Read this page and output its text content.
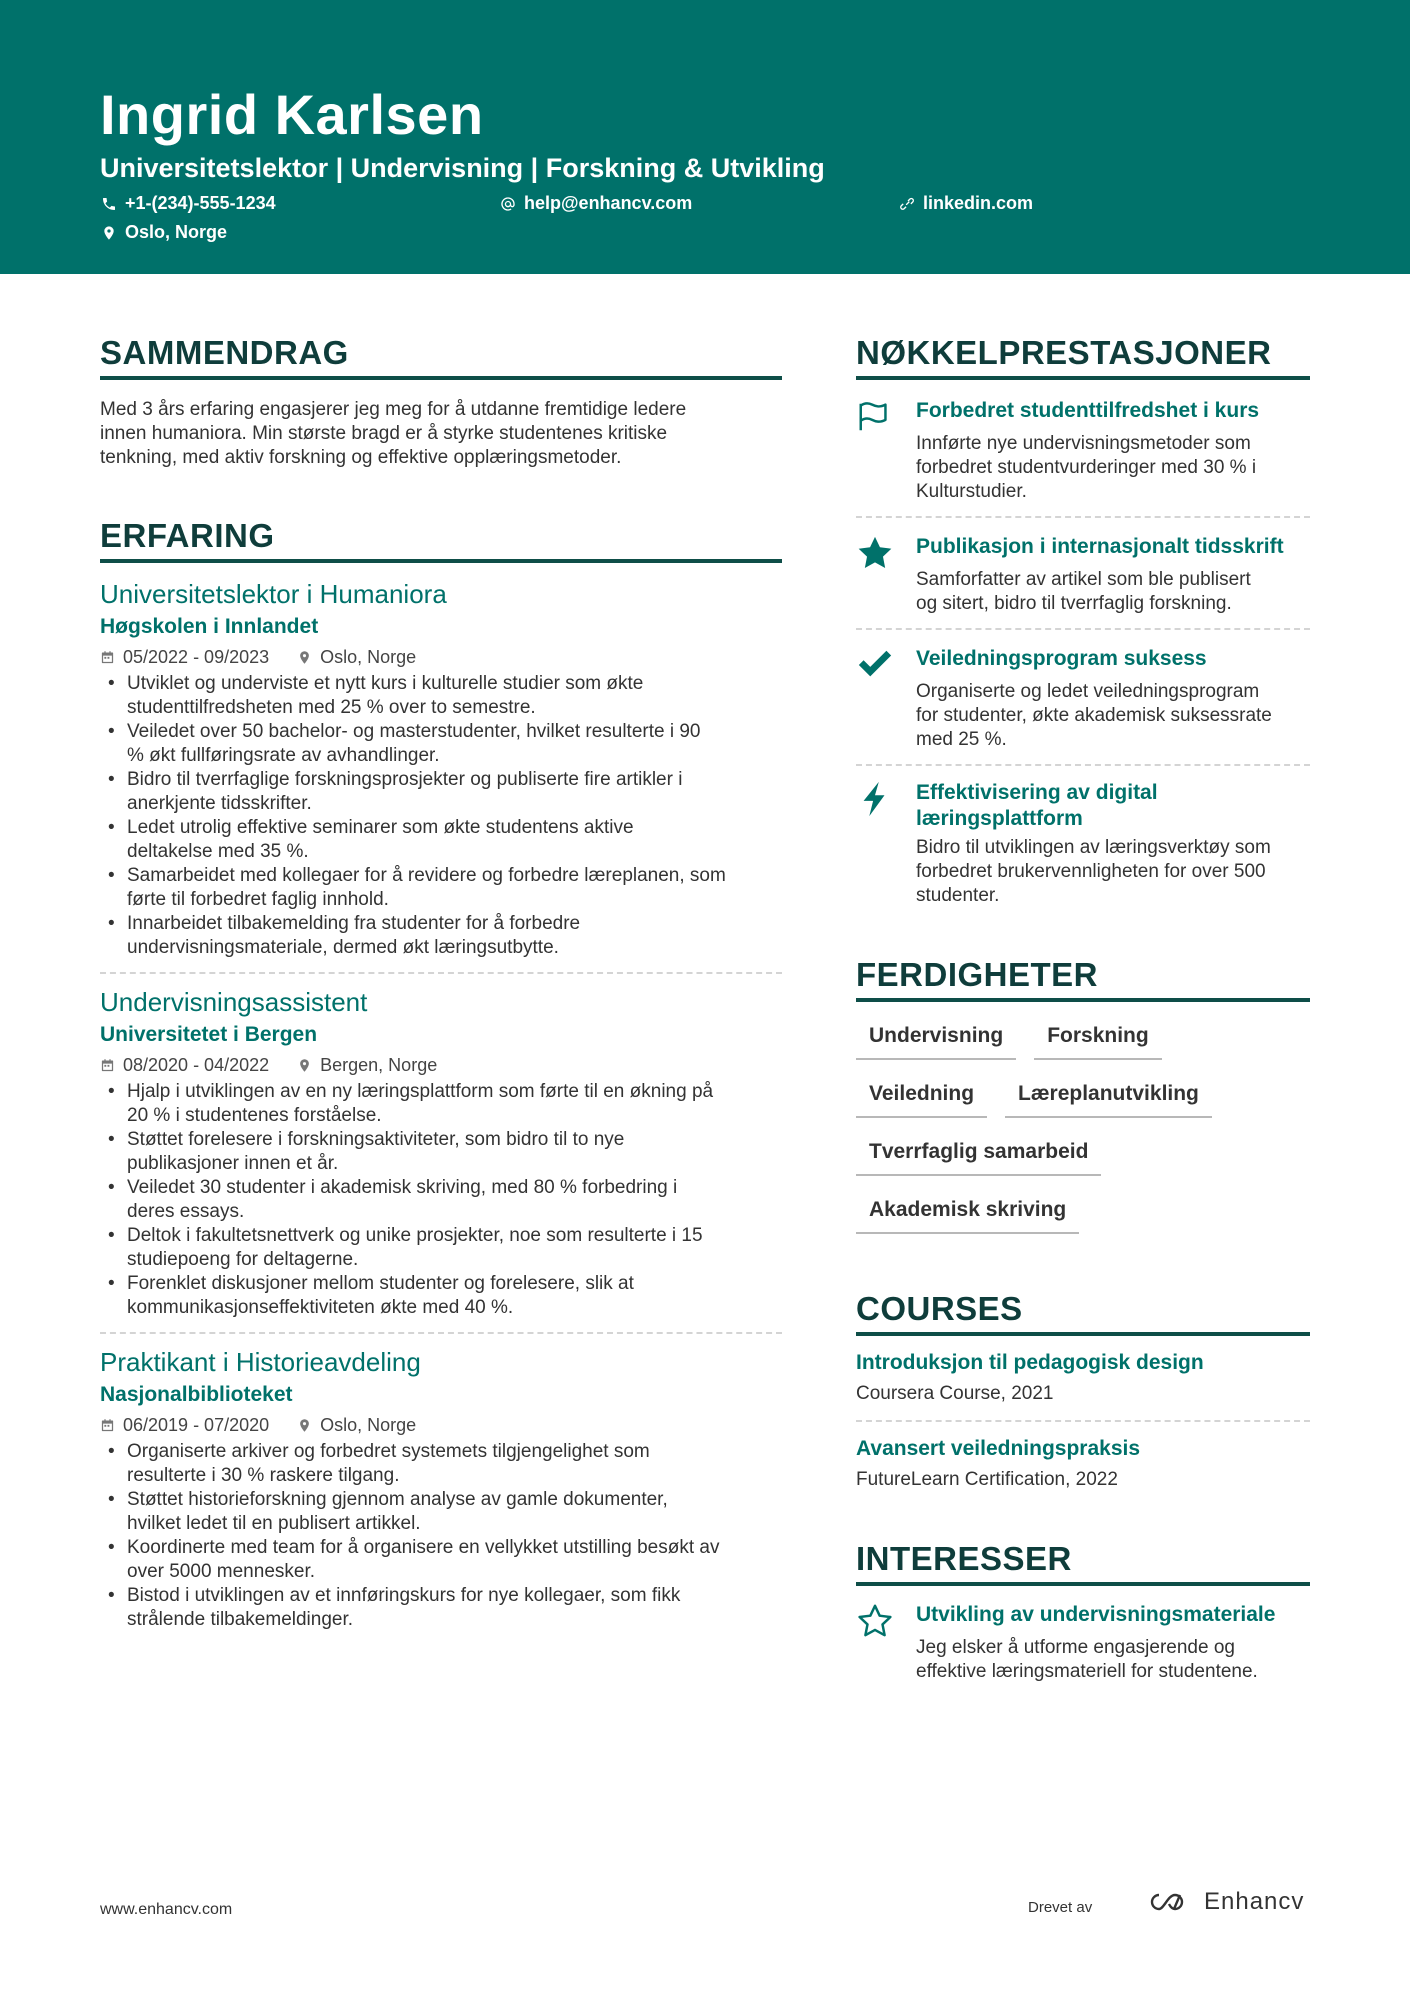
Ingrid Karlsen
Universitetslektor | Undervisning | Forskning & Utvikling
+1-(234)-555-1234	help@enhancv.com	linkedin.com
Oslo, Norge
SAMMENDRAG
Med 3 års erfaring engasjerer jeg meg for å utdanne fremtidige ledere
innen humaniora. Min største bragd er å styrke studentenes kritiske
tenkning, med aktiv forskning og effektive opplæringsmetoder.
ERFARING
Universitetslektor i Humaniora
Høgskolen i Innlandet
05/2022 - 09/2023	Oslo, Norge
• Utviklet og underviste et nytt kurs i kulturelle studier som økte
studenttilfredsheten med 25 % over to semestre.
• Veiledet over 50 bachelor- og masterstudenter, hvilket resulterte i 90
% økt fullføringsrate av avhandlinger.
• Bidro til tverrfaglige forskningsprosjekter og publiserte fire artikler i
anerkjente tidsskrifter.
• Ledet utrolig effektive seminarer som økte studentens aktive
deltakelse med 35 %.
• Samarbeidet med kollegaer for å revidere og forbedre læreplanen, som
førte til forbedret faglig innhold.
• Innarbeidet tilbakemelding fra studenter for å forbedre
undervisningsmateriale, dermed økt læringsutbytte.
Undervisningsassistent
Universitetet i Bergen
08/2020 - 04/2022	Bergen, Norge
• Hjalp i utviklingen av en ny læringsplattform som førte til en økning på
20 % i studentenes forståelse.
• Støttet forelesere i forskningsaktiviteter, som bidro til to nye
publikasjoner innen et år.
• Veiledet 30 studenter i akademisk skriving, med 80 % forbedring i
deres essays.
• Deltok i fakultetsnettverk og unike prosjekter, noe som resulterte i 15
studiepoeng for deltagerne.
• Forenklet diskusjoner mellom studenter og forelesere, slik at
kommunikasjonseffektiviteten økte med 40 %.
Praktikant i Historieavdeling
Nasjonalbiblioteket
06/2019 - 07/2020	Oslo, Norge
• Organiserte arkiver og forbedret systemets tilgjengelighet som
resulterte i 30 % raskere tilgang.
• Støttet historieforskning gjennom analyse av gamle dokumenter,
hvilket ledet til en publisert artikkel.
• Koordinerte med team for å organisere en vellykket utstilling besøkt av
over 5000 mennesker.
• Bistod i utviklingen av et innføringskurs for nye kollegaer, som fikk
strålende tilbakemeldinger.
NØKKELPRESTASJONER
Forbedret studenttilfredshet i kurs
Innførte nye undervisningsmetoder som
forbedret studentvurderinger med 30 % i
Kulturstudier.
Publikasjon i internasjonalt tidsskrift
Samforfatter av artikel som ble publisert
og sitert, bidro til tverrfaglig forskning.
Veiledningsprogram suksess
Organiserte og ledet veiledningsprogram
for studenter, økte akademisk suksessrate
med 25 %.
Effektivisering av digital
læringsplattform
Bidro til utviklingen av læringsverktøy som
forbedret brukervennligheten for over 500
studenter.
FERDIGHETER
Undervisning	Forskning
Veiledning	Læreplanutvikling
Tverrfaglig samarbeid
Akademisk skriving
COURSES
Introduksjon til pedagogisk design
Coursera Course, 2021
Avansert veiledningspraksis
FutureLearn Certification, 2022
INTERESSER
Utvikling av undervisningsmateriale
Jeg elsker å utforme engasjerende og
effektive læringsmateriell for studentene.
www.enhancv.com	Drevet av	Enhancv
